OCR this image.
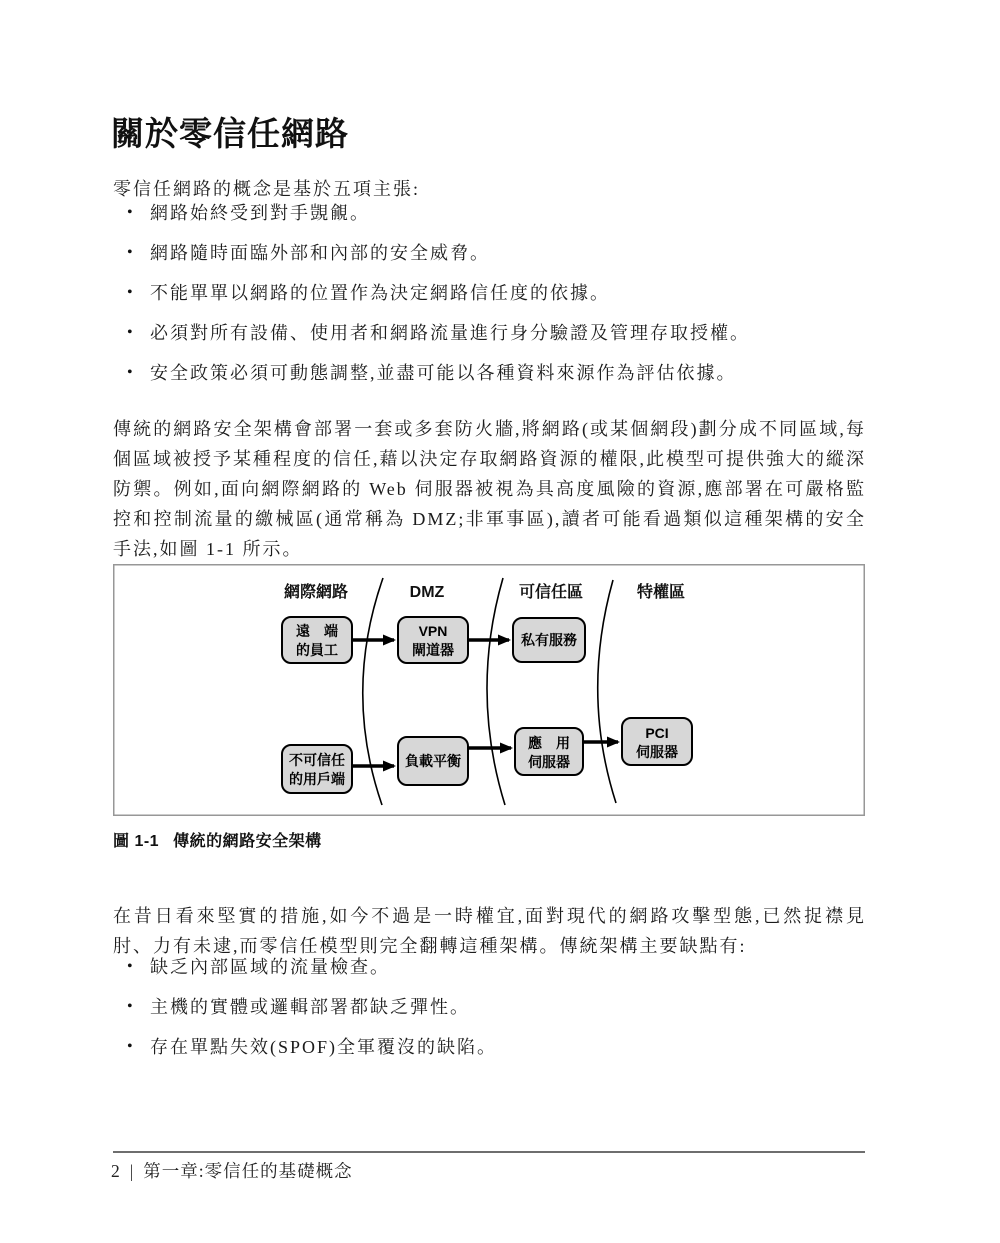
關於零信任網路

零信任網路的概念是基於五項主張:

• 網路始終受到對手覬覦。
• 網路隨時面臨外部和內部的安全威脅。
• 不能單單以網路的位置作為決定網路信任度的依據。
• 必須對所有設備、使用者和網路流量進行身分驗證及管理存取授權。
• 安全政策必須可動態調整,並盡可能以各種資料來源作為評估依據。

傳統的網路安全架構會部署一套或多套防火牆,將網路(或某個網段)劃分成不同區域,每個區域被授予某種程度的信任,藉以決定存取網路資源的權限,此模型可提供強大的縱深防禦。例如,面向網際網路的 Web 伺服器被視為具高度風險的資源,應部署在可嚴格監控和控制流量的繳械區(通常稱為 DMZ;非軍事區),讀者可能看過類似這種架構的安全手法,如圖 1-1 所示。

網際網路	DMZ	可信任區	特權區
遠　端
的員工
VPN
閘道器
私有服務
不可信任
的用戶端
負載平衡
應　用
伺服器
PCI
伺服器
圖 1-1 傳統的網路安全架構

在昔日看來堅實的措施,如今不過是一時權宜,面對現代的網路攻擊型態,已然捉襟見肘、力有未逮,而零信任模型則完全翻轉這種架構。傳統架構主要缺點有:

• 缺乏內部區域的流量檢查。
• 主機的實體或邏輯部署都缺乏彈性。
• 存在單點失效(SPOF)全軍覆沒的缺陷。
2 | 第一章:零信任的基礎概念
